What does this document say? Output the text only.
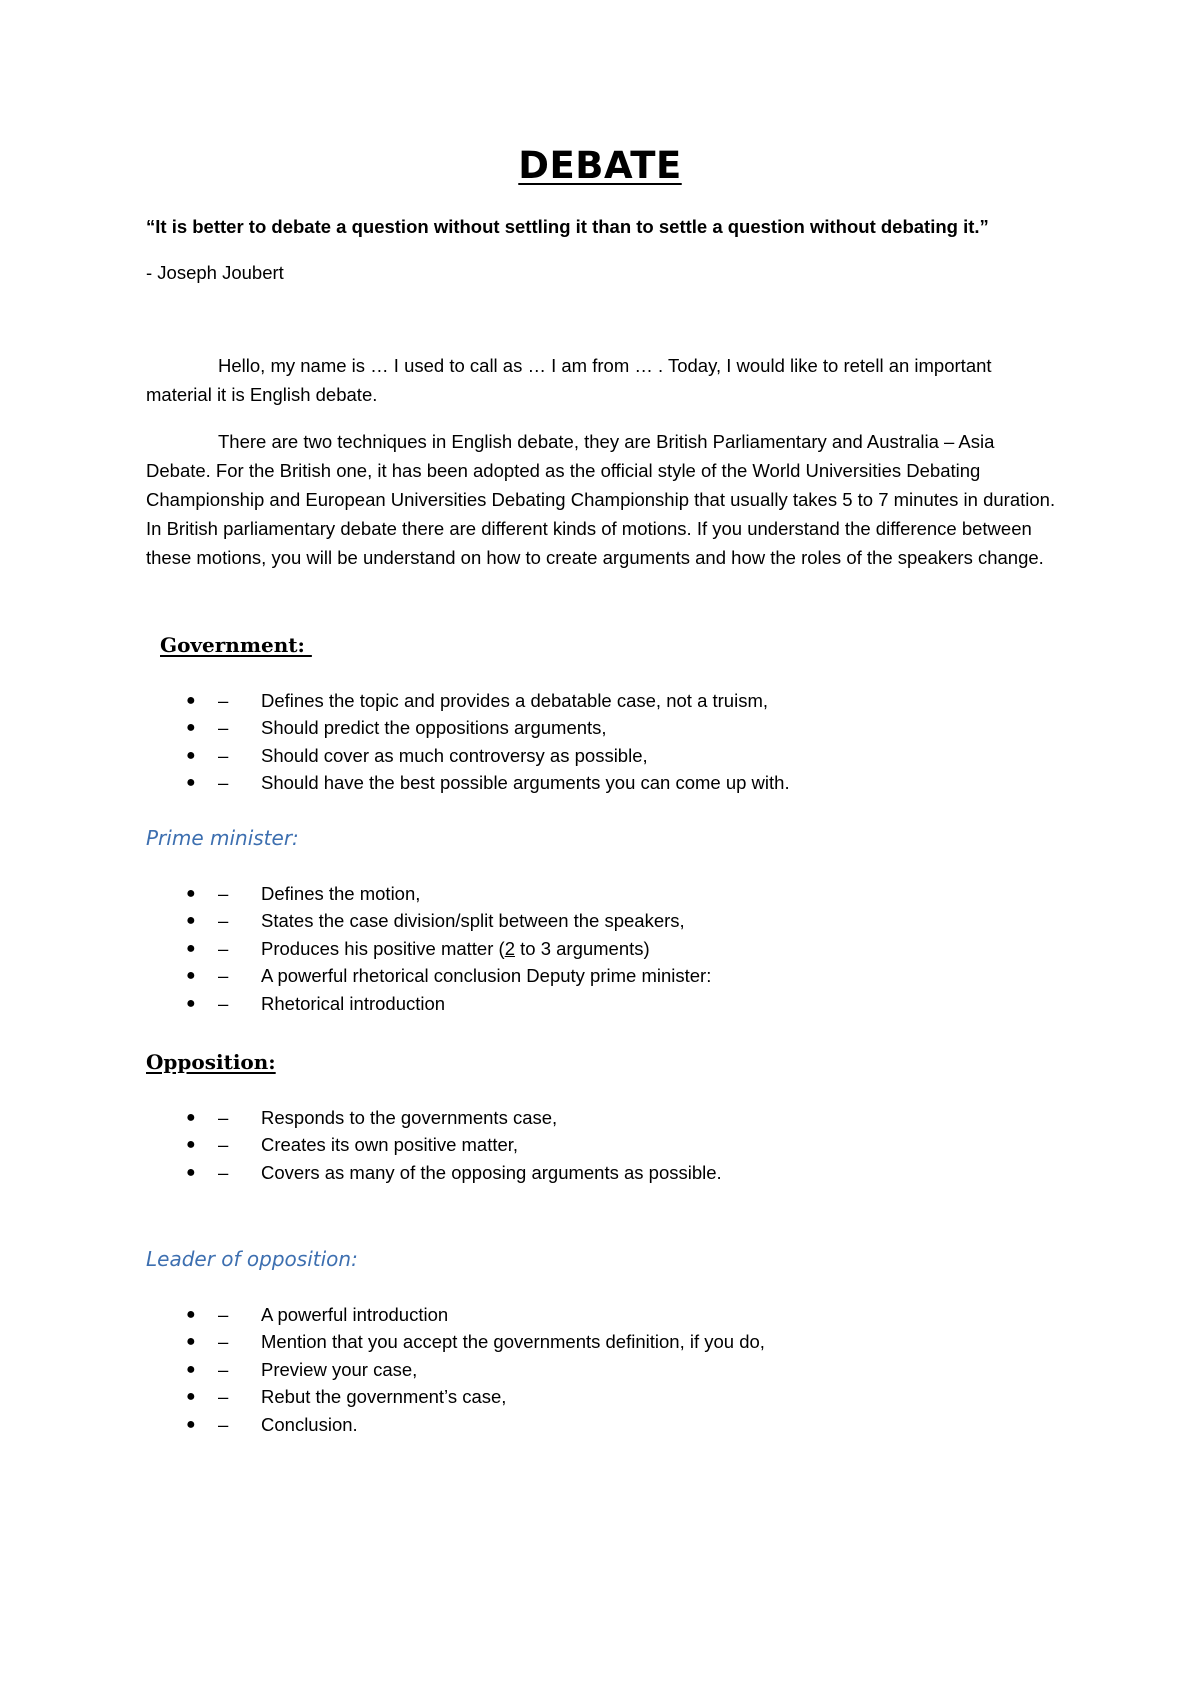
DEBATE
“It is better to debate a question without settling it than to settle a question without debating it.”
- Joseph Joubert

Hello, my name is … I used to call as … I am from … . Today, I would like to retell an important material it is English debate.

There are two techniques in English debate, they are British Parliamentary and Australia – Asia Debate. For the British one, it has been adopted as the official style of the World Universities Debating Championship and European Universities Debating Championship that usually takes 5 to 7 minutes in duration. In British parliamentary debate there are different kinds of motions. If you understand the difference between these motions, you will be understand on how to create arguments and how the roles of the speakers change.

Government:
● – Defines the topic and provides a debatable case, not a truism,
● – Should predict the oppositions arguments,
● – Should cover as much controversy as possible,
● – Should have the best possible arguments you can come up with.
Prime minister:
● – Defines the motion,
● – States the case division/split between the speakers,
● – Produces his positive matter (2 to 3 arguments)
● – A powerful rhetorical conclusion Deputy prime minister:
● – Rhetorical introduction
Opposition:
● – Responds to the governments case,
● – Creates its own positive matter,
● – Covers as many of the opposing arguments as possible.
Leader of opposition:
● – A powerful introduction
● – Mention that you accept the governments definition, if you do,
● – Preview your case,
● – Rebut the government’s case,
● – Conclusion.
